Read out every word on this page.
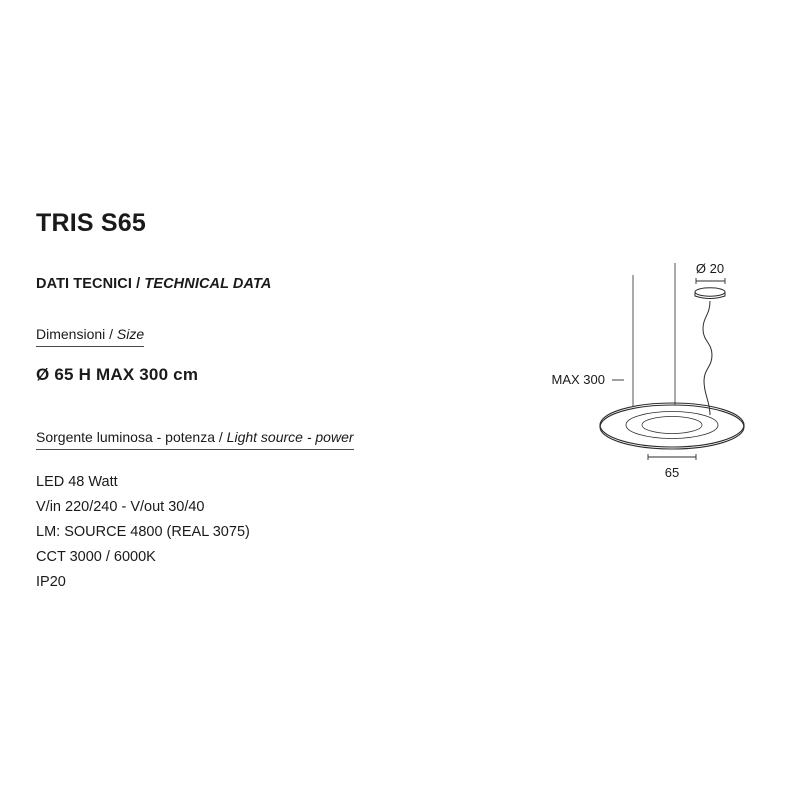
TRIS S65
DATI TECNICI / TECHNICAL DATA
Dimensioni / Size
Ø 65 H MAX 300 cm
Sorgente luminosa - potenza / Light source - power
LED 48 Watt
V/in 220/240 - V/out 30/40
LM: SOURCE 4800 (REAL 3075)
CCT 3000 / 6000K
IP20
Ø 20
MAX 300
65
